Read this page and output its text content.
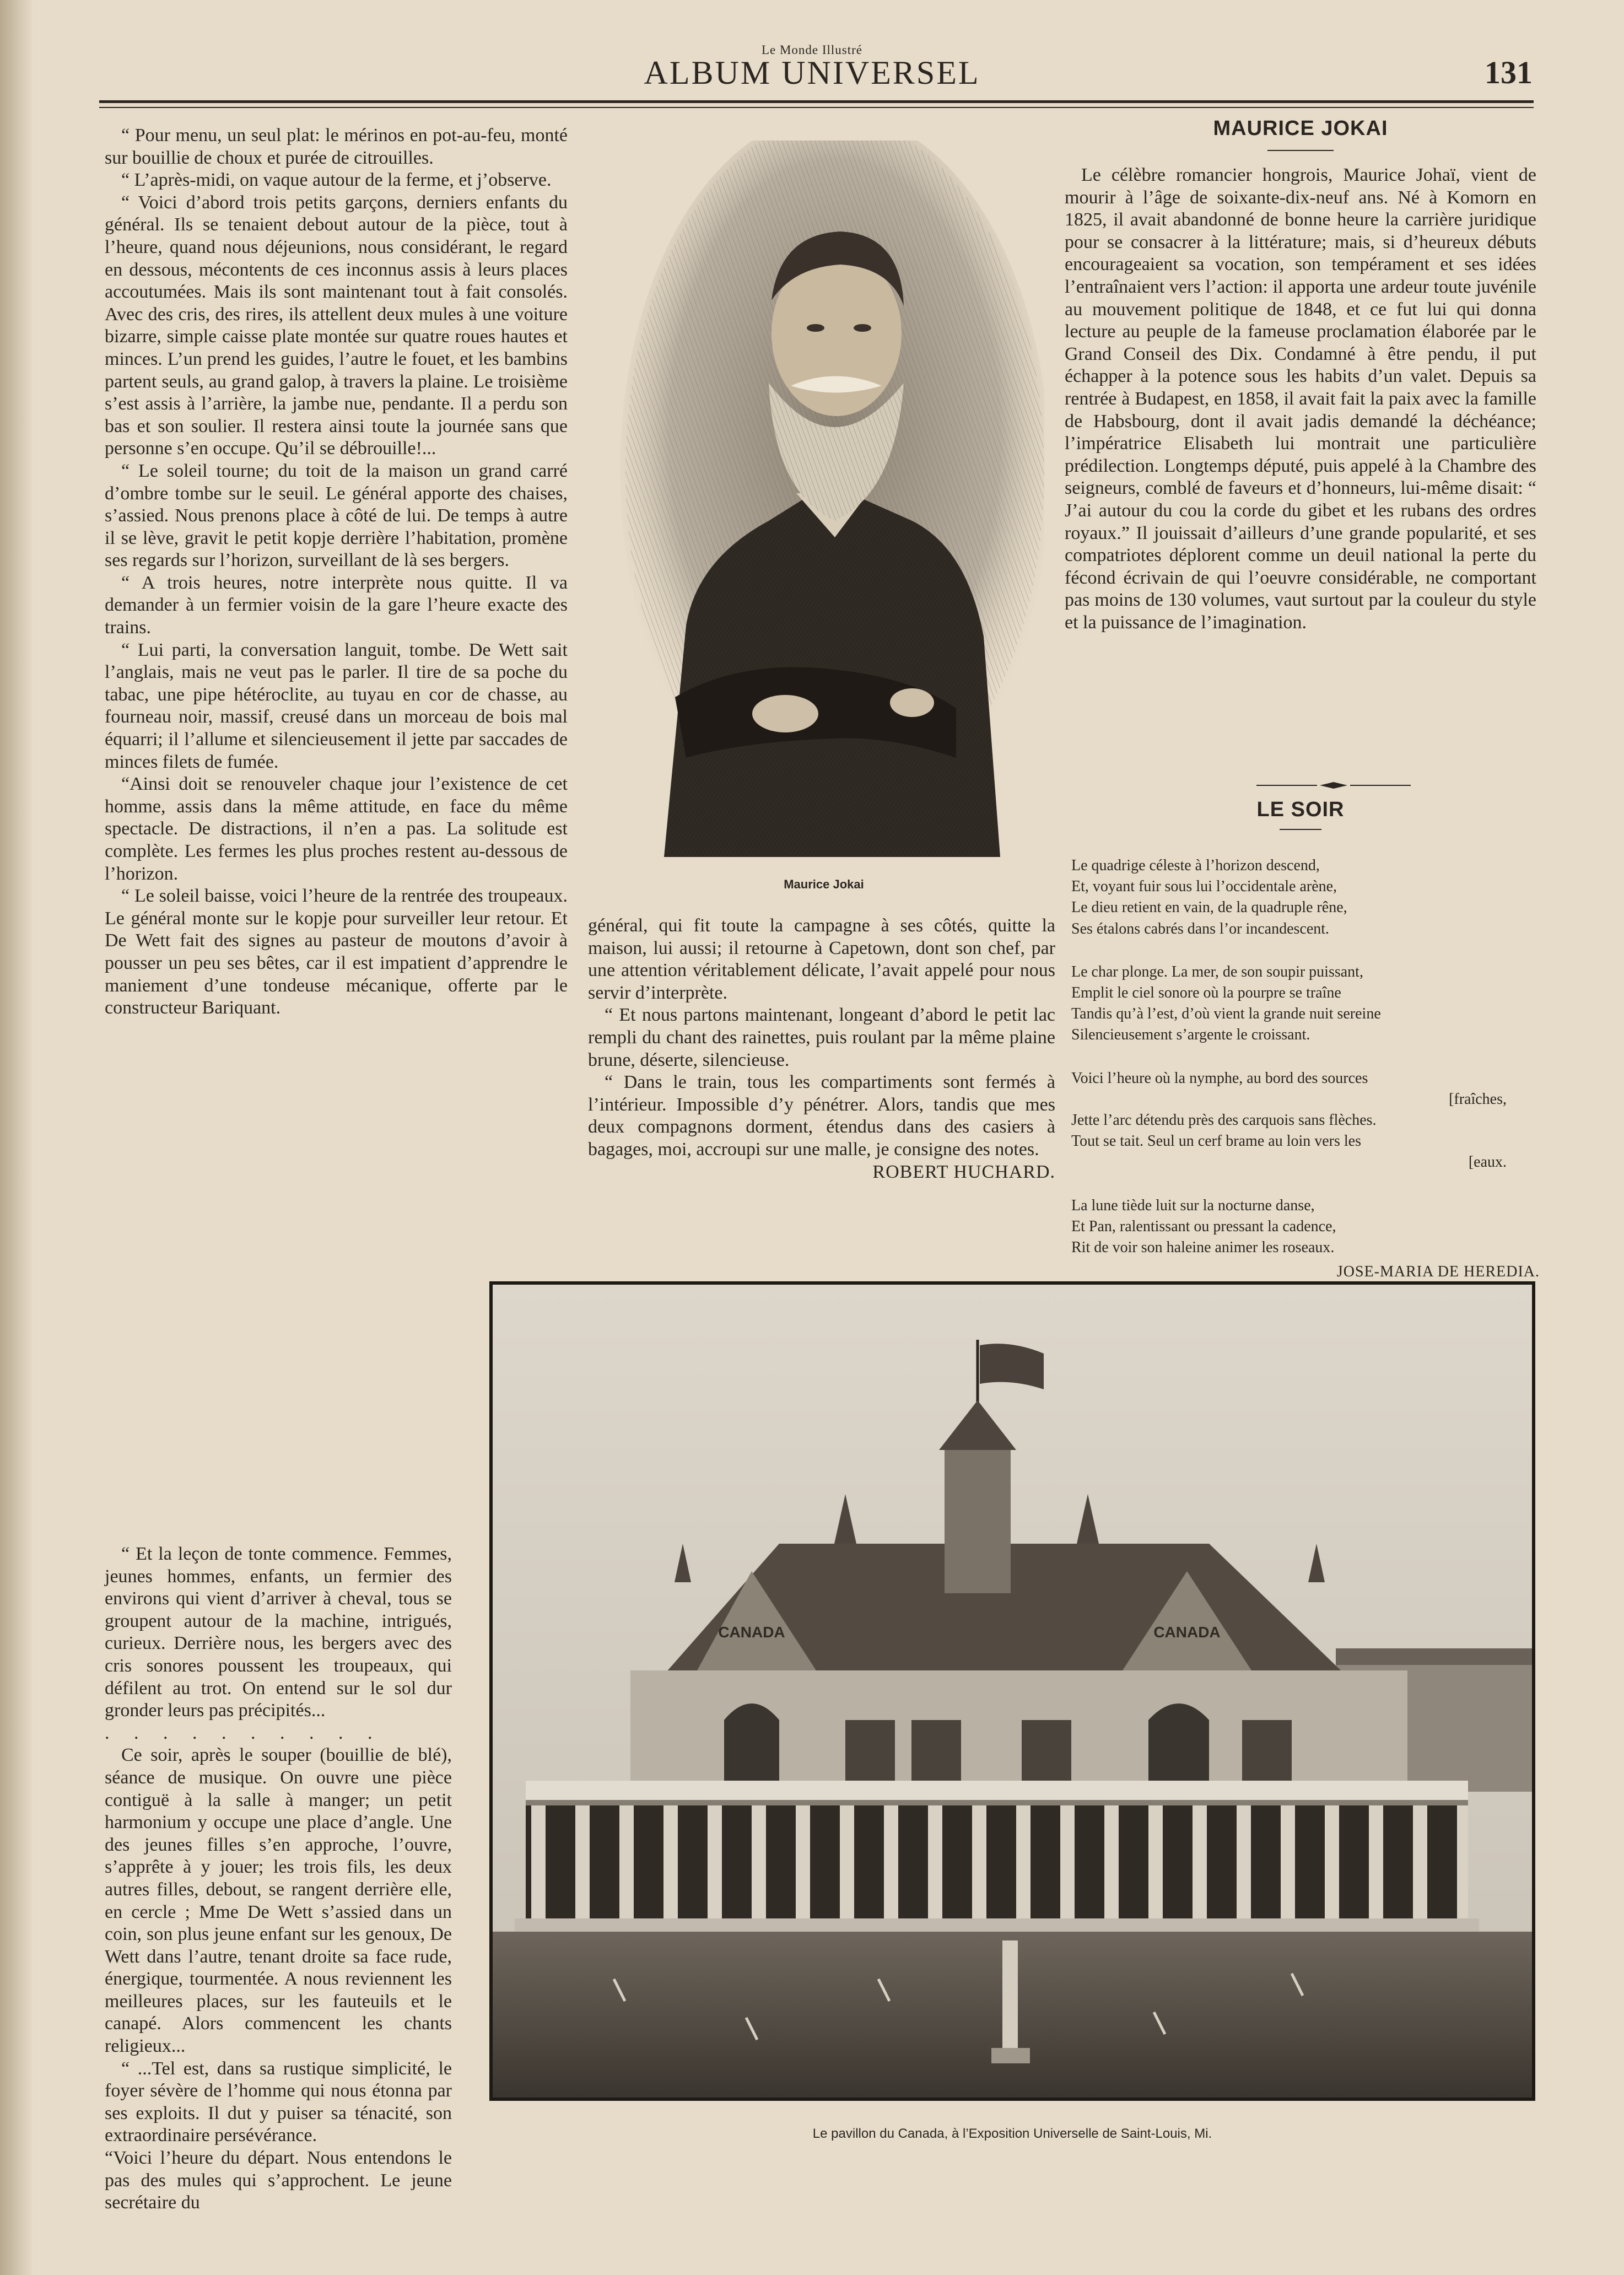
Le Monde Illustré
ALBUM UNIVERSEL	131

“ Pour menu, un seul plat: le mérinos en pot-au-feu, monté sur bouillie de choux et purée de citrouilles.

“ L’après-midi, on vaque autour de la ferme, et j’observe.

“ Voici d’abord trois petits garçons, derniers enfants du général. Ils se tenaient debout autour de la pièce, tout à l’heure, quand nous déjeunions, nous considérant, le regard en dessous, mécontents de ces inconnus assis à leurs places accoutumées. Mais ils sont maintenant tout à fait consolés. Avec des cris, des rires, ils attellent deux mules à une voiture bizarre, simple caisse plate montée sur quatre roues hautes et minces. L’un prend les guides, l’autre le fouet, et les bambins partent seuls, au grand galop, à travers la plaine. Le troisième s’est assis à l’arrière, la jambe nue, pendante. Il a perdu son bas et son soulier. Il restera ainsi toute la journée sans que personne s’en occupe. Qu’il se débrouille!...

“ Le soleil tourne; du toit de la maison un grand carré d’ombre tombe sur le seuil. Le général apporte des chaises, s’assied. Nous prenons place à côté de lui. De temps à autre il se lève, gravit le petit kopje derrière l’habitation, promène ses regards sur l’horizon, surveillant de là ses bergers.

“ A trois heures, notre interprète nous quitte. Il va demander à un fermier voisin de la gare l’heure exacte des trains.

“ Lui parti, la conversation languit, tombe. De Wett sait l’anglais, mais ne veut pas le parler. Il tire de sa poche du tabac, une pipe hétéroclite, au tuyau en cor de chasse, au fourneau noir, massif, creusé dans un morceau de bois mal équarri; il l’allume et silencieusement il jette par saccades de minces filets de fumée.

“Ainsi doit se renouveler chaque jour l’existence de cet homme, assis dans la même attitude, en face du même spectacle. De distractions, il n’en a pas. La solitude est complète. Les fermes les plus proches restent au-dessous de l’horizon.

“ Le soleil baisse, voici l’heure de la rentrée des troupeaux. Le général monte sur le kopje pour surveiller leur retour. Et De Wett fait des signes au pasteur de moutons d’avoir à pousser un peu ses bêtes, car il est impatient d’apprendre le maniement d’une tondeuse mécanique, offerte par le constructeur Bariquant.

“ Et la leçon de tonte commence. Femmes, jeunes hommes, enfants, un fermier des environs qui vient d’arriver à cheval, tous se groupent autour de la machine, intrigués, curieux. Derrière nous, les bergers avec des cris sonores poussent les troupeaux, qui défilent au trot. On entend sur le sol dur gronder leurs pas précipités...

. . . . . . . . . .

Ce soir, après le souper (bouillie de blé), séance de musique. On ouvre une pièce contiguë à la salle à manger; un petit harmonium y occupe une place d’angle. Une des jeunes filles s’en approche, l’ouvre, s’apprête à y jouer; les trois fils, les deux autres filles, debout, se rangent derrière elle, en cercle ; Mme De Wett s’assied dans un coin, son plus jeune enfant sur les genoux, De Wett dans l’autre, tenant droite sa face rude, énergique, tourmentée. A nous reviennent les meilleures places, sur les fauteuils et le canapé. Alors commencent les chants religieux...

“ ...Tel est, dans sa rustique simplicité, le foyer sévère de l’homme qui nous étonna par ses exploits. Il dut y puiser sa ténacité, son extraordinaire persévérance.

“Voici l’heure du départ. Nous entendons le pas des mules qui s’approchent. Le jeune secrétaire du

Maurice Jokai

général, qui fit toute la campagne à ses côtés, quitte la maison, lui aussi; il retourne à Capetown, dont son chef, par une attention véritablement délicate, l’avait appelé pour nous servir d’interprète.

“ Et nous partons maintenant, longeant d’abord le petit lac rempli du chant des rainettes, puis roulant par la même plaine brune, déserte, silencieuse.

“ Dans le train, tous les compartiments sont fermés à l’intérieur. Impossible d’y pénétrer. Alors, tandis que mes deux compagnons dorment, étendus dans des casiers à bagages, moi, accroupi sur une malle, je consigne des notes.

ROBERT HUCHARD.
MAURICE JOKAI

Le célèbre romancier hongrois, Maurice Johaï, vient de mourir à l’âge de soixante-dix-neuf ans. Né à Komorn en 1825, il avait abandonné de bonne heure la carrière juridique pour se consacrer à la littérature; mais, si d’heureux débuts encourageaient sa vocation, son tempérament et ses idées l’entraînaient vers l’action: il apporta une ardeur toute juvénile au mouvement politique de 1848, et ce fut lui qui donna lecture au peuple de la fameuse proclamation élaborée par le Grand Conseil des Dix. Condamné à être pendu, il put échapper à la potence sous les habits d’un valet. Depuis sa rentrée à Budapest, en 1858, il avait fait la paix avec la famille de Habsbourg, dont il avait jadis demandé la déchéance; l’impératrice Elisabeth lui montrait une particulière prédilection. Longtemps député, puis appelé à la Chambre des seigneurs, comblé de faveurs et d’honneurs, lui-même disait: “ J’ai autour du cou la corde du gibet et les rubans des ordres royaux.” Il jouissait d’ailleurs d’une grande popularité, et ses compatriotes déplorent comme un deuil national la perte du fécond écrivain de qui l’oeuvre considérable, ne comportant pas moins de 130 volumes, vaut surtout par la couleur du style et la puissance de l’imagination.

LE SOIR
Le quadrige céleste à l’horizon descend,
Et, voyant fuir sous lui l’occidentale arène,
Le dieu retient en vain, de la quadruple rêne,
Ses étalons cabrés dans l’or incandescent.
Le char plonge. La mer, de son soupir puissant,
Emplit le ciel sonore où la pourpre se traîne
Tandis qu’à l’est, d’où vient la grande nuit sereine
Silencieusement s’argente le croissant.
Voici l’heure où la nymphe, au bord des sources
[fraîches,
Jette l’arc détendu près des carquois sans flèches.
Tout se tait. Seul un cerf brame au loin vers les
[eaux.
La lune tiède luit sur la nocturne danse,
Et Pan, ralentissant ou pressant la cadence,
Rit de voir son haleine animer les roseaux.
JOSE-MARIA DE HEREDIA.
CANADA	CANADA
Le pavillon du Canada, à l’Exposition Universelle de Saint-Louis, Mi.
